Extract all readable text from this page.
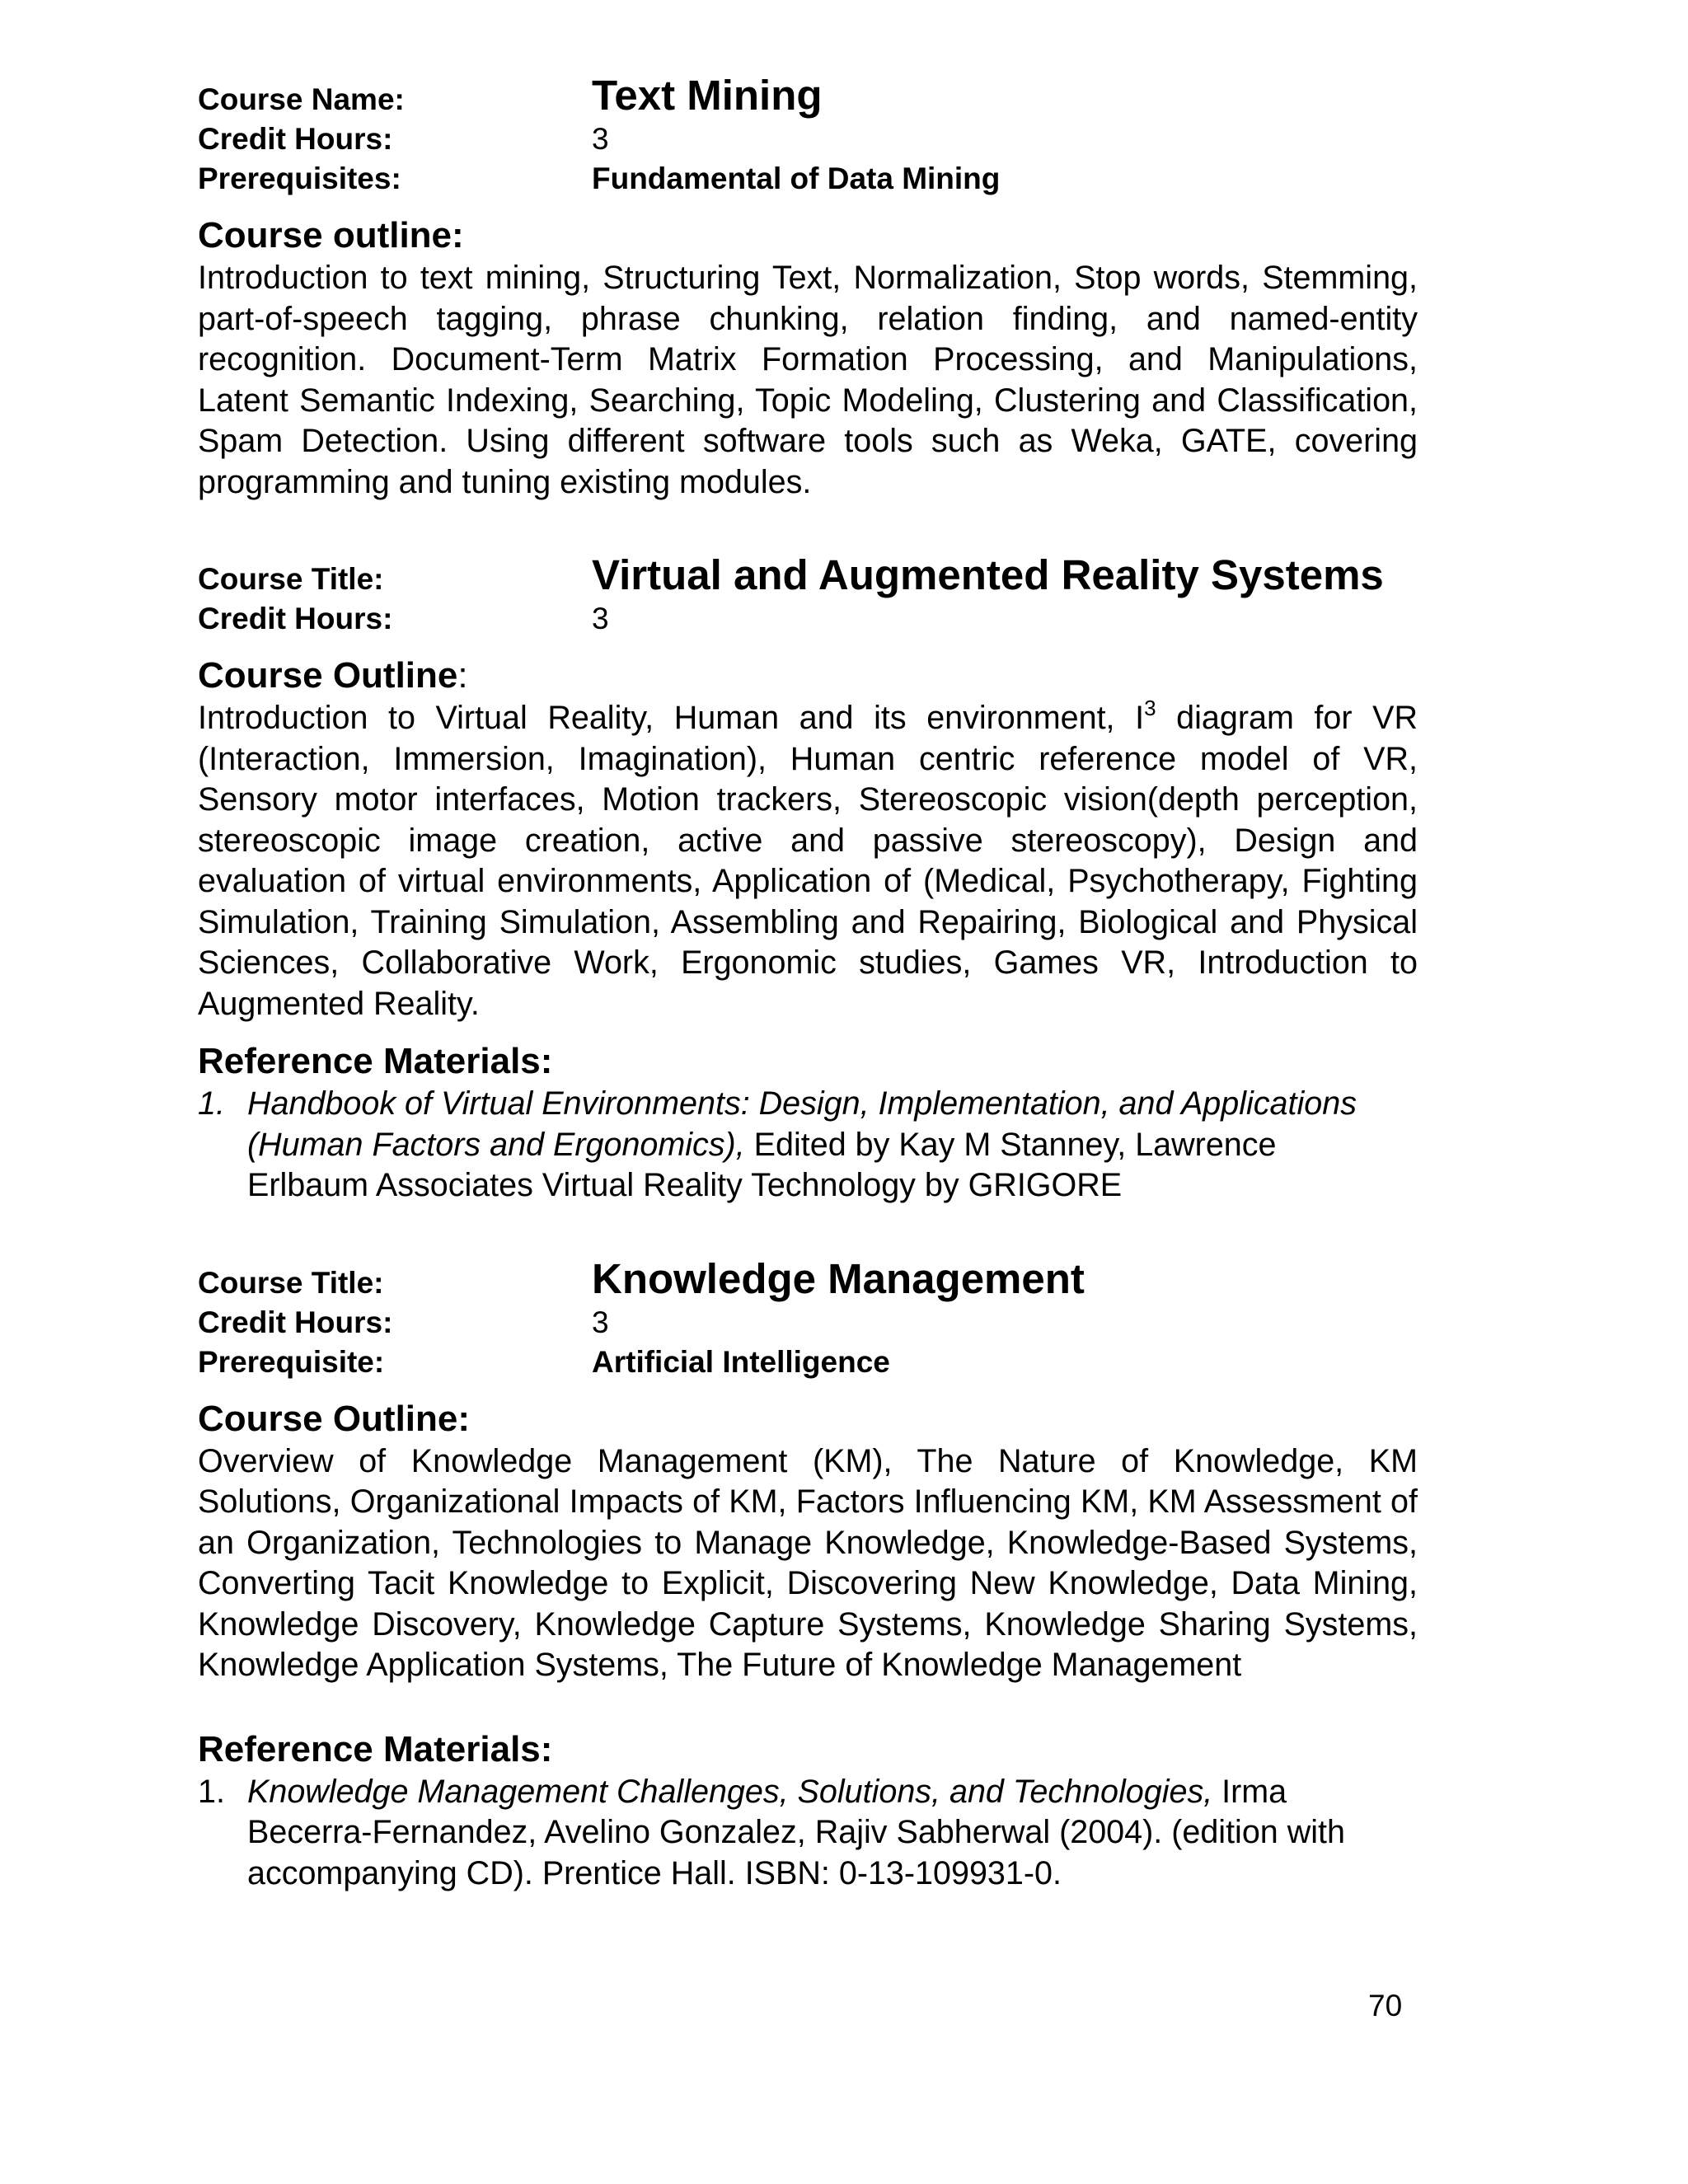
Course Name:	Text Mining
Credit Hours:	3
Prerequisites:	Fundamental of Data Mining
Course outline:
Introduction to text mining, Structuring Text, Normalization, Stop words, Stemming, part-of-speech tagging, phrase chunking, relation finding, and named-entity recognition. Document-Term Matrix Formation Processing, and Manipulations, Latent Semantic Indexing, Searching, Topic Modeling, Clustering and Classification, Spam Detection. Using different software tools such as Weka, GATE, covering programming and tuning existing modules.
Course Title:	Virtual and Augmented Reality Systems
Credit Hours:	3
Course Outline:
Introduction to Virtual Reality, Human and its environment, $I^3$ diagram for VR (Interaction, Immersion, Imagination), Human centric reference model of VR, Sensory motor interfaces, Motion trackers, Stereoscopic vision(depth perception, stereoscopic image creation, active and passive stereoscopy), Design and evaluation of virtual environments, Application of (Medical, Psychotherapy, Fighting Simulation, Training Simulation, Assembling and Repairing, Biological and Physical Sciences, Collaborative Work, Ergonomic studies, Games VR, Introduction to Augmented Reality.
Reference Materials:
1. Handbook of Virtual Environments: Design, Implementation, and Applications (Human Factors and Ergonomics), Edited by Kay M Stanney, Lawrence Erlbaum Associates Virtual Reality Technology by GRIGORE
Course Title:	Knowledge Management
Credit Hours:	3
Prerequisite:	Artificial Intelligence
Course Outline:
Overview of Knowledge Management (KM), The Nature of Knowledge, KM Solutions, Organizational Impacts of KM, Factors Influencing KM, KM Assessment of an Organization, Technologies to Manage Knowledge, Knowledge-Based Systems, Converting Tacit Knowledge to Explicit, Discovering New Knowledge, Data Mining, Knowledge Discovery, Knowledge Capture Systems, Knowledge Sharing Systems, Knowledge Application Systems, The Future of Knowledge Management
Reference Materials:
1. Knowledge Management Challenges, Solutions, and Technologies, Irma Becerra-Fernandez, Avelino Gonzalez, Rajiv Sabherwal (2004). (edition with accompanying CD). Prentice Hall. ISBN: 0-13-109931-0.
70
